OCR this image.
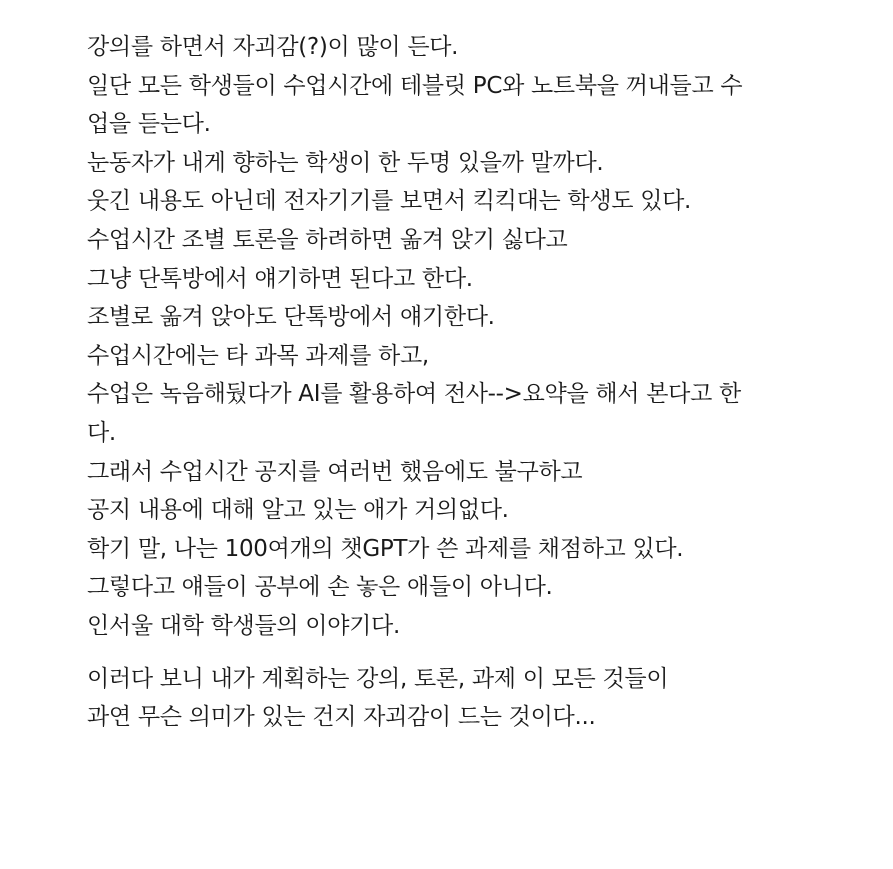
강의를 하면서 자괴감(?)이 많이 든다.
일단 모든 학생들이 수업시간에 테블릿 PC와 노트북을 꺼내들고 수
업을 듣는다.
눈동자가 내게 향하는 학생이 한 두명 있을까 말까다.
웃긴 내용도 아닌데 전자기기를 보면서 킥킥대는 학생도 있다.
수업시간 조별 토론을 하려하면 옮겨 앉기 싫다고
그냥 단톡방에서 얘기하면 된다고 한다.
조별로 옮겨 앉아도 단톡방에서 얘기한다.
수업시간에는 타 과목 과제를 하고,
수업은 녹음해뒀다가 AI를 활용하여 전사-->요약을 해서 본다고 한
다.
그래서 수업시간 공지를 여러번 했음에도 불구하고
공지 내용에 대해 알고 있는 애가 거의없다.
학기 말, 나는 100여개의 챗GPT가 쓴 과제를 채점하고 있다.
그렇다고 얘들이 공부에 손 놓은 애들이 아니다.
인서울 대학 학생들의 이야기다.

이러다 보니 내가 계획하는 강의, 토론, 과제 이 모든 것들이
과연 무슨 의미가 있는 건지 자괴감이 드는 것이다...
